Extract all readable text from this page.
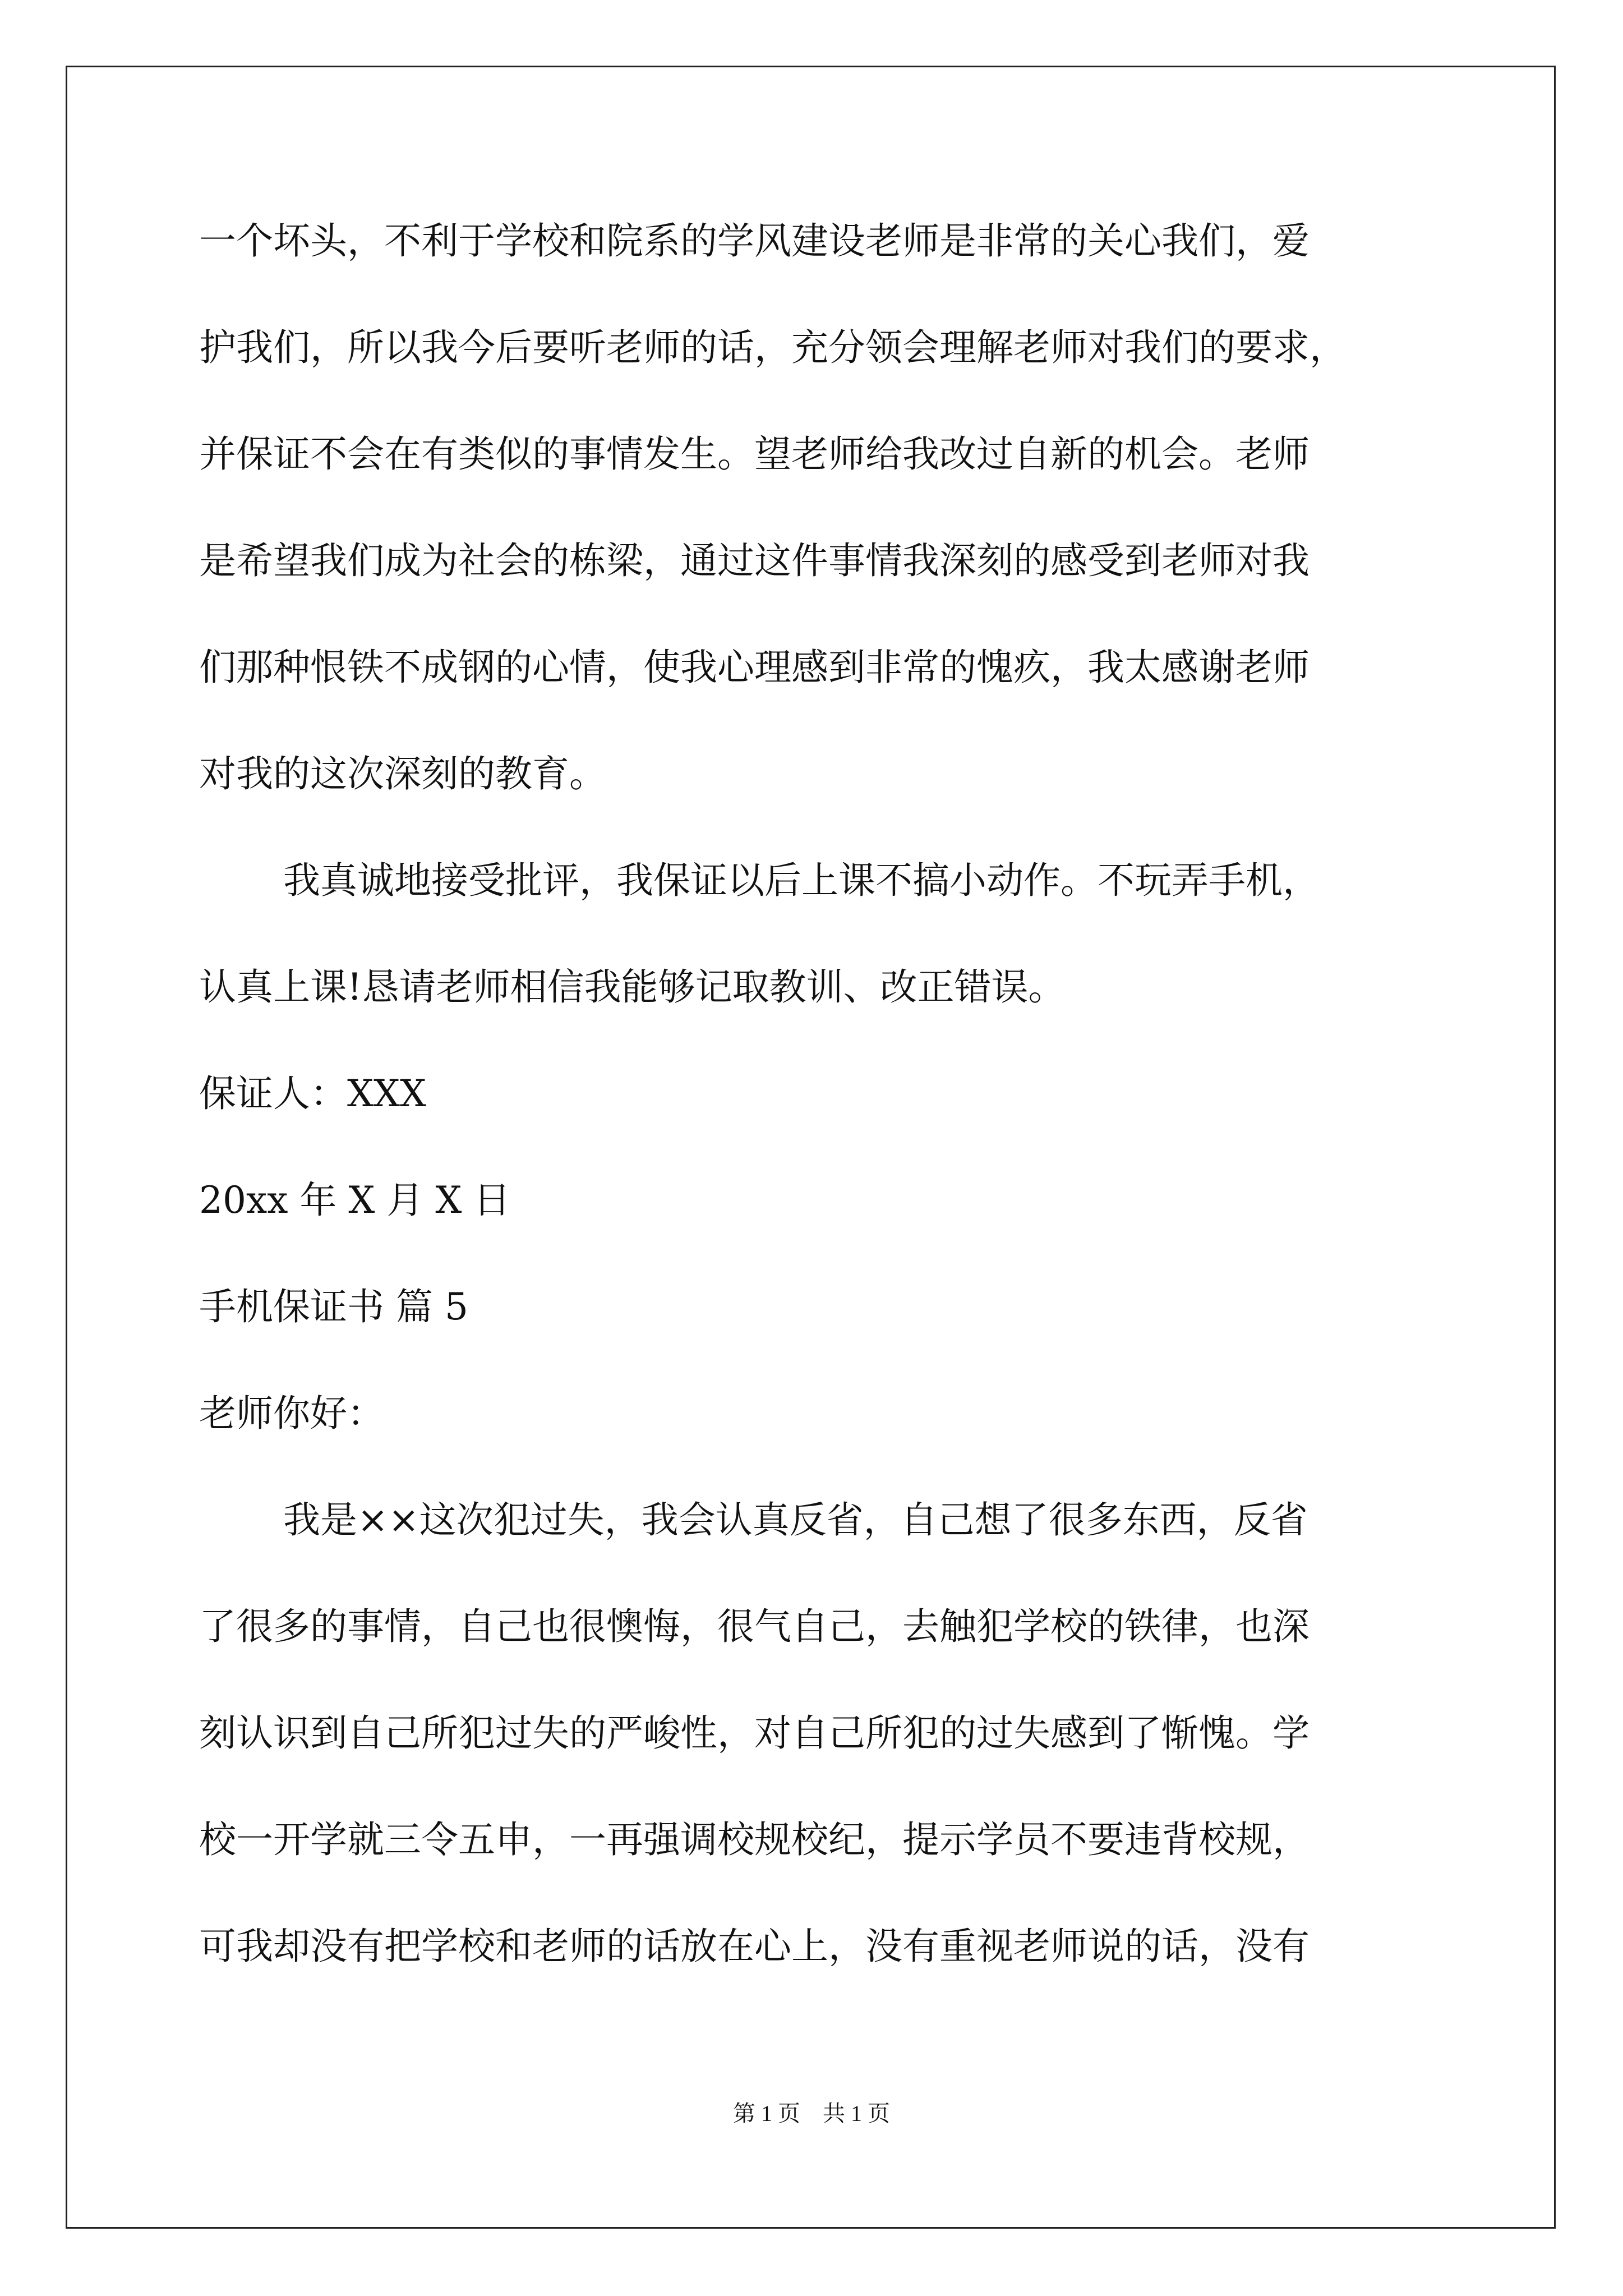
一个坏头，不利于学校和院系的学风建设老师是非常的关心我们，爱
护我们，所以我今后要听老师的话，充分领会理解老师对我们的要求，
并保证不会在有类似的事情发生。望老师给我改过自新的机会。老师
是希望我们成为社会的栋梁，通过这件事情我深刻的感受到老师对我
们那种恨铁不成钢的心情，使我心理感到非常的愧疚，我太感谢老师
对我的这次深刻的教育。
我真诚地接受批评，我保证以后上课不搞小动作。不玩弄手机，
认真上课!恳请老师相信我能够记取教训、改正错误。
保证人：XXX
20xx 年 X 月 X 日
手机保证书 篇 5
老师你好：
我是××这次犯过失，我会认真反省，自己想了很多东西，反省
了很多的事情，自己也很懊悔，很气自己，去触犯学校的铁律，也深
刻认识到自己所犯过失的严峻性，对自己所犯的过失感到了惭愧。学
校一开学就三令五申，一再强调校规校纪，提示学员不要违背校规，
可我却没有把学校和老师的话放在心上，没有重视老师说的话，没有
第 1 页　共 1 页
